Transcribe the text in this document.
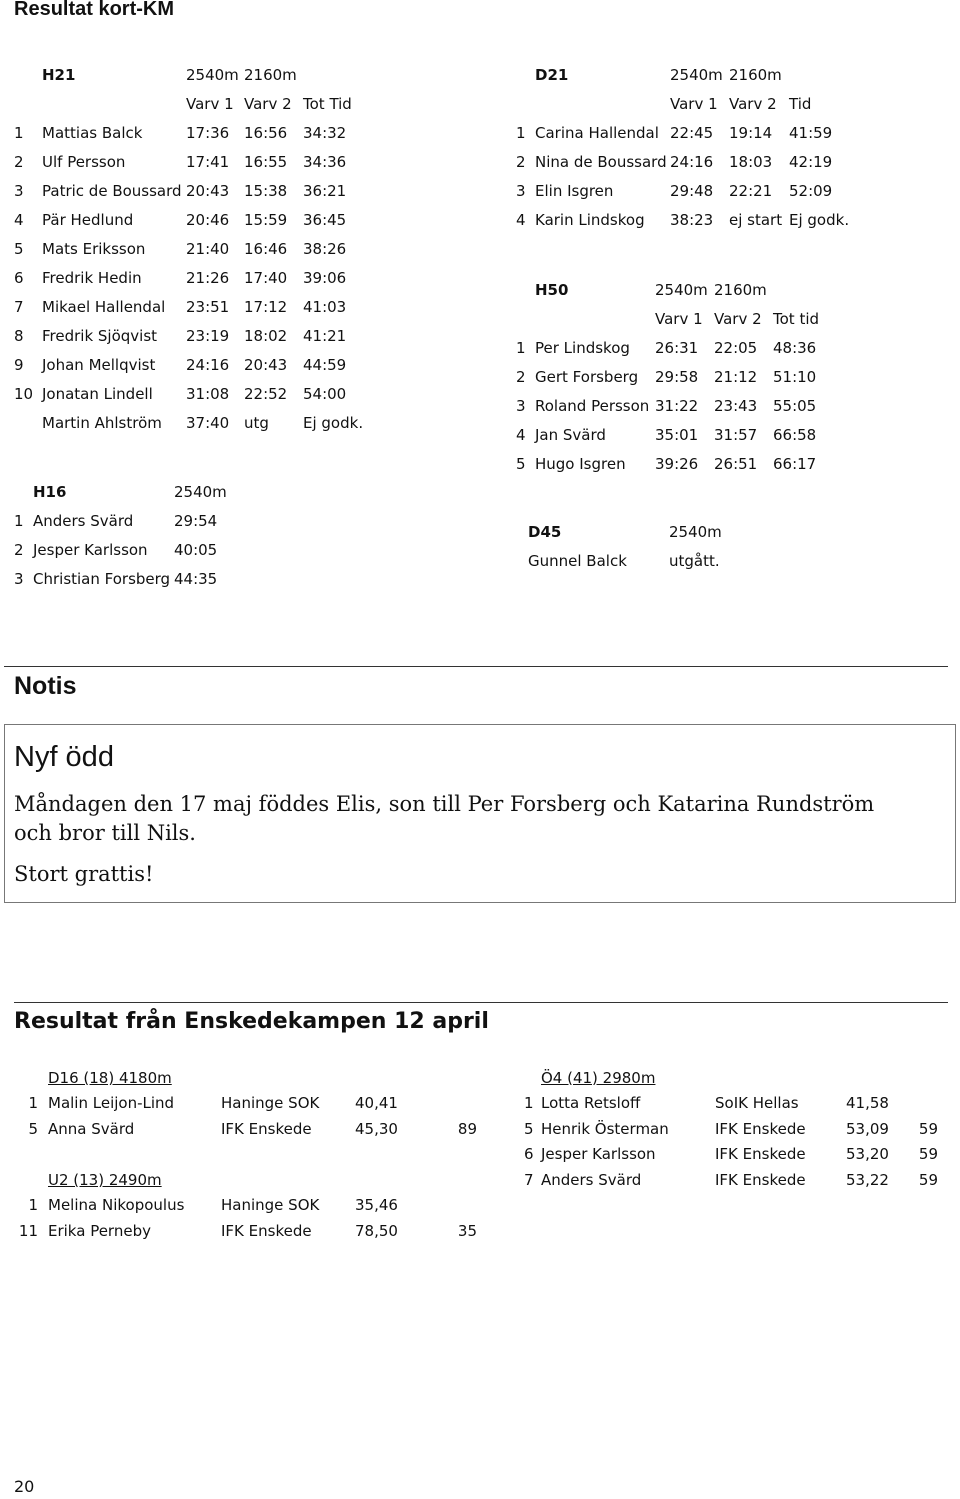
Resultat kort-KM
	H21	2540m	2160m	
		Varv 1	Varv 2	Tot Tid
1	Mattias Balck	17:36	16:56	34:32
2	Ulf Persson	17:41	16:55	34:36
3	Patric de Boussard	20:43	15:38	36:21
4	Pär Hedlund	20:46	15:59	36:45
5	Mats Eriksson	21:40	16:46	38:26
6	Fredrik Hedin	21:26	17:40	39:06
7	Mikael Hallendal	23:51	17:12	41:03
8	Fredrik Sjöqvist	23:19	18:02	41:21
9	Johan Mellqvist	24:16	20:43	44:59
10	Jonatan Lindell	31:08	22:52	54:00
	Martin Ahlström	37:40	utg	Ej godk.
	H16	2540m
1	Anders Svärd	29:54
2	Jesper Karlsson	40:05
3	Christian Forsberg	44:35
	D21	2540m	2160m	
		Varv 1	Varv 2	Tid
1	Carina Hallendal	22:45	19:14	41:59
2	Nina de Boussard	24:16	18:03	42:19
3	Elin Isgren	29:48	22:21	52:09
4	Karin Lindskog	38:23	ej start	Ej godk.
	H50	2540m	2160m	
		Varv 1	Varv 2	Tot tid
1	Per Lindskog	26:31	22:05	48:36
2	Gert Forsberg	29:58	21:12	51:10
3	Roland Persson	31:22	23:43	55:05
4	Jan Svärd	35:01	31:57	66:58
5	Hugo Isgren	39:26	26:51	66:17
D45	2540m
Gunnel Balck	utgått.
Notis
Nyf ödd
Måndagen den 17 maj föddes Elis, son till Per Forsberg och Katarina Rundström
och bror till Nils.
Stort grattis!
Resultat från Enskedekampen 12 april
	D16 (18) 4180m			
1	Malin Leijon-Lind	Haninge SOK	40,41	
5	Anna Svärd	IFK Enskede	45,30	89

	U2 (13) 2490m			
1	Melina Nikopoulus	Haninge SOK	35,46	
11	Erika Perneby	IFK Enskede	78,50	35
	Ö4 (41) 2980m			
1	Lotta Retsloff	SoIK Hellas	41,58	
5	Henrik Österman	IFK Enskede	53,09	59
6	Jesper Karlsson	IFK Enskede	53,20	59
7	Anders Svärd	IFK Enskede	53,22	59
20
